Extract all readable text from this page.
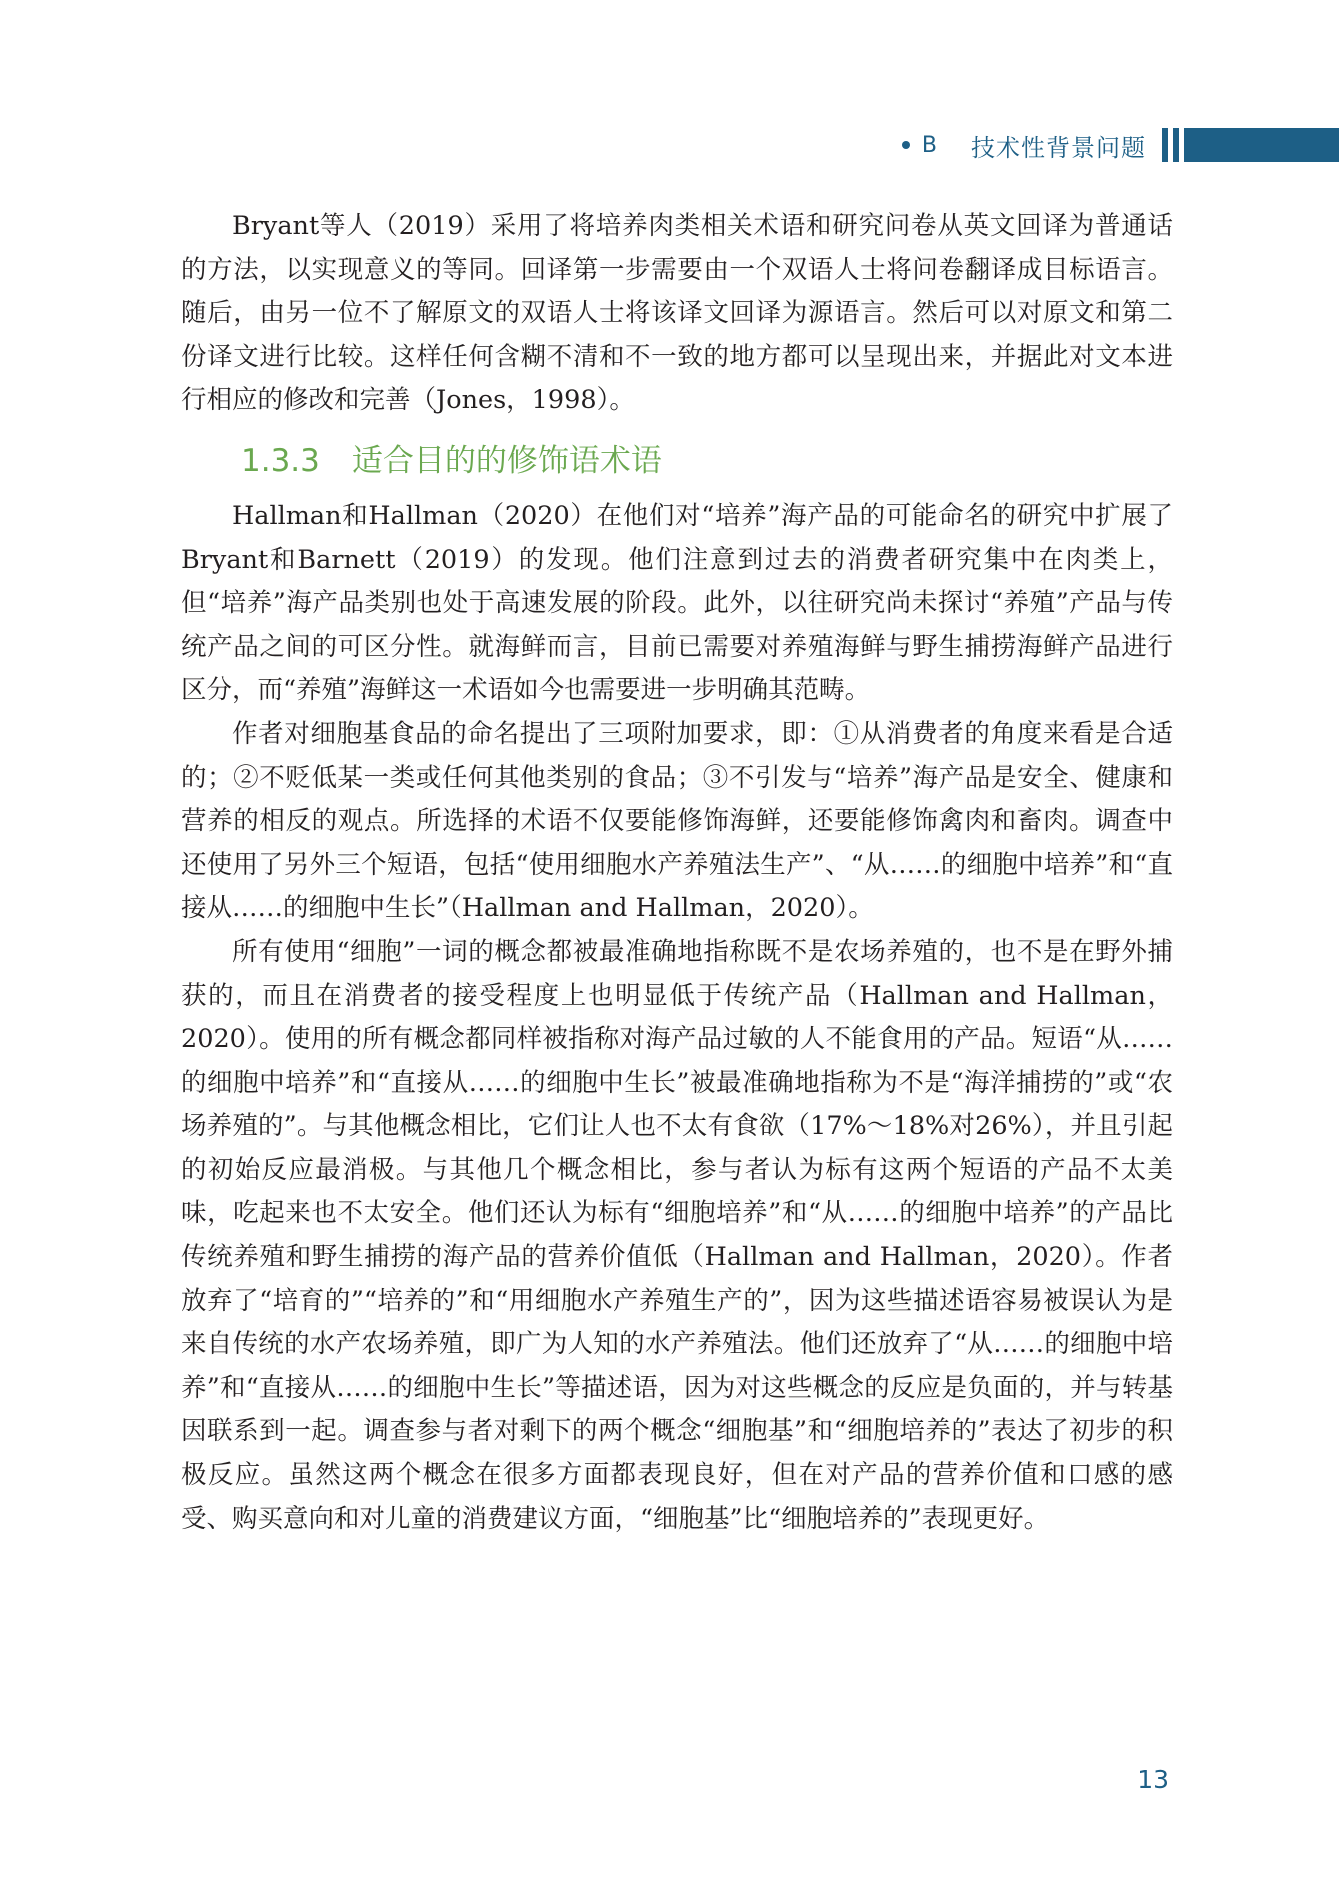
B 技术性背景问题

Bryant等人（2019）采用了将培养肉类相关术语和研究问卷从英文回译为普通话的方法，以实现意义的等同。回译第一步需要由一个双语人士将问卷翻译成目标语言。随后，由另一位不了解原文的双语人士将该译文回译为源语言。然后可以对原文和第二份译文进行比较。这样任何含糊不清和不一致的地方都可以呈现出来，并据此对文本进行相应的修改和完善（Jones，1998）。

1.3.3 适合目的的修饰语术语

Hallman和Hallman（2020）在他们对“培养”海产品的可能命名的研究中扩展了Bryant和Barnett（2019）的发现。他们注意到过去的消费者研究集中在肉类上，但“培养”海产品类别也处于高速发展的阶段。此外，以往研究尚未探讨“养殖”产品与传统产品之间的可区分性。就海鲜而言，目前已需要对养殖海鲜与野生捕捞海鲜产品进行区分，而“养殖”海鲜这一术语如今也需要进一步明确其范畴。

作者对细胞基食品的命名提出了三项附加要求，即：①从消费者的角度来看是合适的；②不贬低某一类或任何其他类别的食品；③不引发与“培养”海产品是安全、健康和营养的相反的观点。所选择的术语不仅要能修饰海鲜，还要能修饰禽肉和畜肉。调查中还使用了另外三个短语，包括“使用细胞水产养殖法生产”、“从……的细胞中培养”和“直接从……的细胞中生长”（Hallman and Hallman，2020）。

所有使用“细胞”一词的概念都被最准确地指称既不是农场养殖的，也不是在野外捕获的，而且在消费者的接受程度上也明显低于传统产品（Hallman and Hallman，2020）。使用的所有概念都同样被指称对海产品过敏的人不能食用的产品。短语“从……的细胞中培养”和“直接从……的细胞中生长”被最准确地指称为不是“海洋捕捞的”或“农场养殖的”。与其他概念相比，它们让人也不太有食欲（17%～18%对26%），并且引起的初始反应最消极。与其他几个概念相比，参与者认为标有这两个短语的产品不太美味，吃起来也不太安全。他们还认为标有“细胞培养”和“从……的细胞中培养”的产品比传统养殖和野生捕捞的海产品的营养价值低（Hallman and Hallman，2020）。作者放弃了“培育的”“培养的”和“用细胞水产养殖生产的”，因为这些描述语容易被误认为是来自传统的水产农场养殖，即广为人知的水产养殖法。他们还放弃了“从……的细胞中培养”和“直接从……的细胞中生长”等描述语，因为对这些概念的反应是负面的，并与转基因联系到一起。调查参与者对剩下的两个概念“细胞基”和“细胞培养的”表达了初步的积极反应。虽然这两个概念在很多方面都表现良好，但在对产品的营养价值和口感的感受、购买意向和对儿童的消费建议方面，“细胞基”比“细胞培养的”表现更好。

13
